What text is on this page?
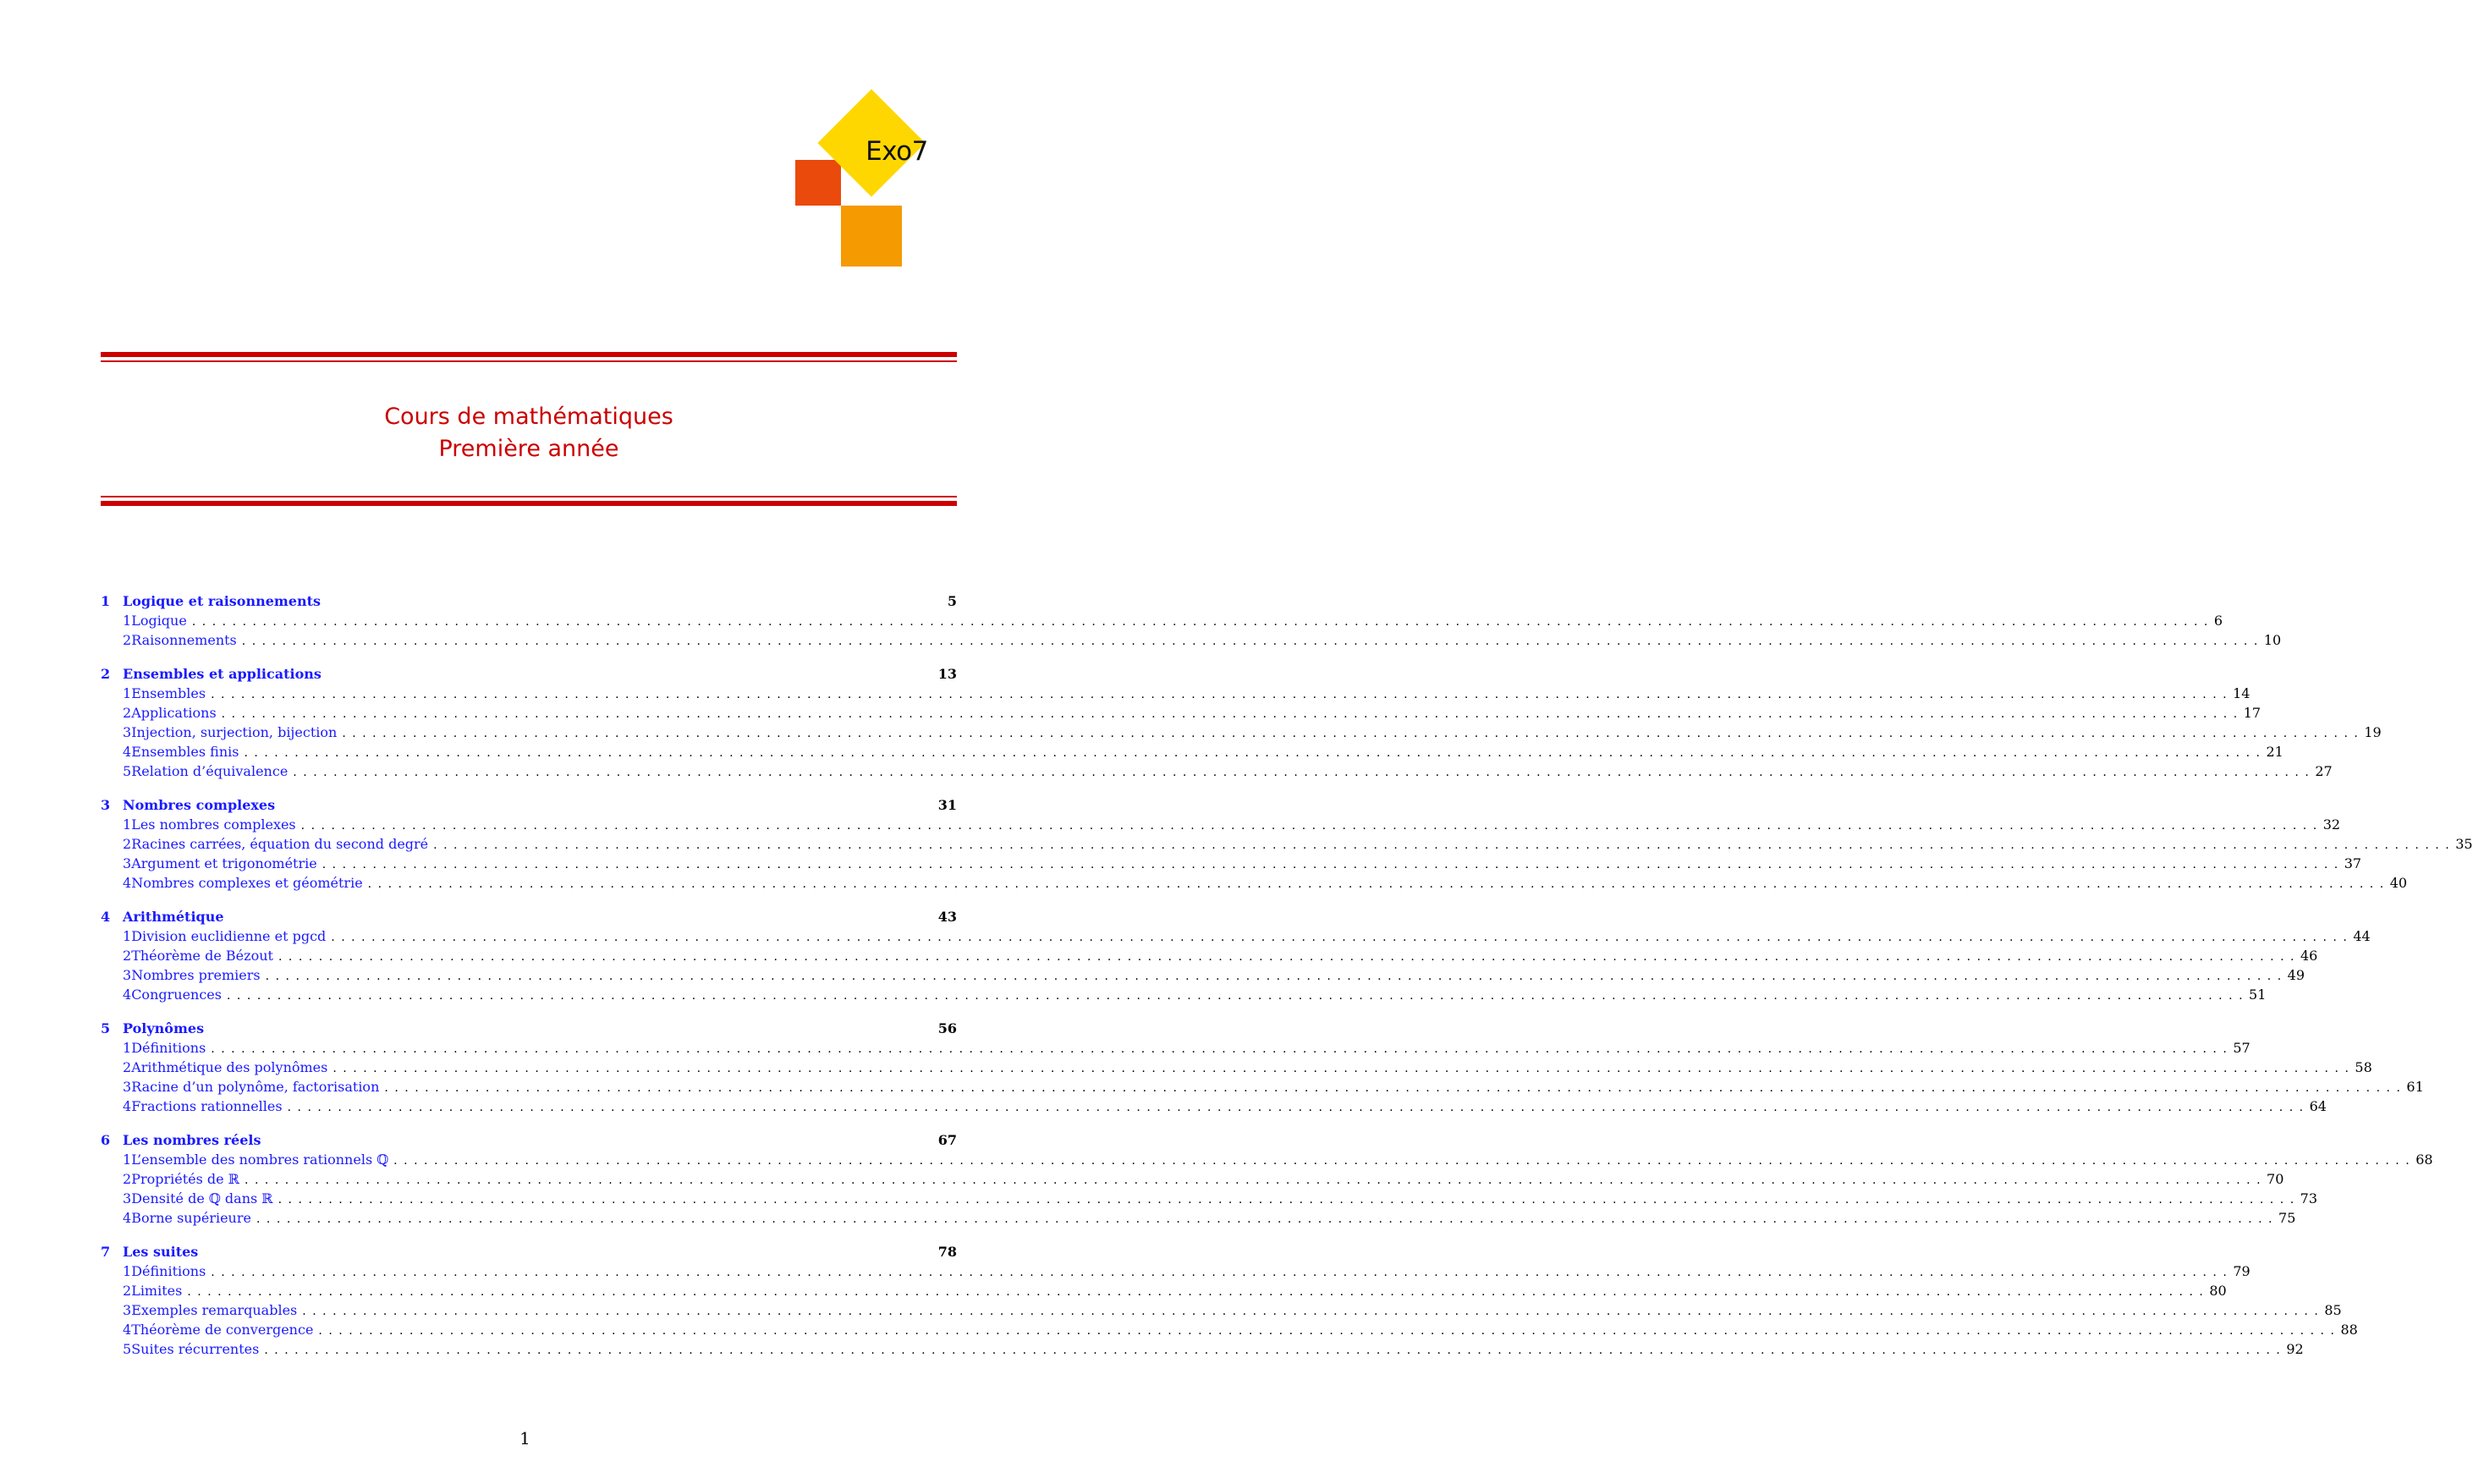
Exo7
Cours de mathématiques
Première année
1 Logique et raisonnements	5
1 Logique ........................................................................................................................................................................................................ 6
2 Raisonnements ........................................................................................................................................................................................................ 10
2 Ensembles et applications	13
1 Ensembles ........................................................................................................................................................................................................ 14
2 Applications ........................................................................................................................................................................................................ 17
3 Injection, surjection, bijection ........................................................................................................................................................................................................ 19
4 Ensembles finis ........................................................................................................................................................................................................ 21
5 Relation d’équivalence ........................................................................................................................................................................................................ 27
3 Nombres complexes	31
1 Les nombres complexes ........................................................................................................................................................................................................ 32
2 Racines carrées, équation du second degré ........................................................................................................................................................................................................ 35
3 Argument et trigonométrie ........................................................................................................................................................................................................ 37
4 Nombres complexes et géométrie ........................................................................................................................................................................................................ 40
4 Arithmétique	43
1 Division euclidienne et pgcd ........................................................................................................................................................................................................ 44
2 Théorème de Bézout ........................................................................................................................................................................................................ 46
3 Nombres premiers ........................................................................................................................................................................................................ 49
4 Congruences ........................................................................................................................................................................................................ 51
5 Polynômes	56
1 Définitions ........................................................................................................................................................................................................ 57
2 Arithmétique des polynômes ........................................................................................................................................................................................................ 58
3 Racine d’un polynôme, factorisation ........................................................................................................................................................................................................ 61
4 Fractions rationnelles ........................................................................................................................................................................................................ 64
6 Les nombres réels	67
1 L’ensemble des nombres rationnels ℚ ........................................................................................................................................................................................................ 68
2 Propriétés de ℝ ........................................................................................................................................................................................................ 70
3 Densité de ℚ dans ℝ ........................................................................................................................................................................................................ 73
4 Borne supérieure ........................................................................................................................................................................................................ 75
7 Les suites	78
1 Définitions ........................................................................................................................................................................................................ 79
2 Limites ........................................................................................................................................................................................................ 80
3 Exemples remarquables ........................................................................................................................................................................................................ 85
4 Théorème de convergence ........................................................................................................................................................................................................ 88
5 Suites récurrentes ........................................................................................................................................................................................................ 92
1
